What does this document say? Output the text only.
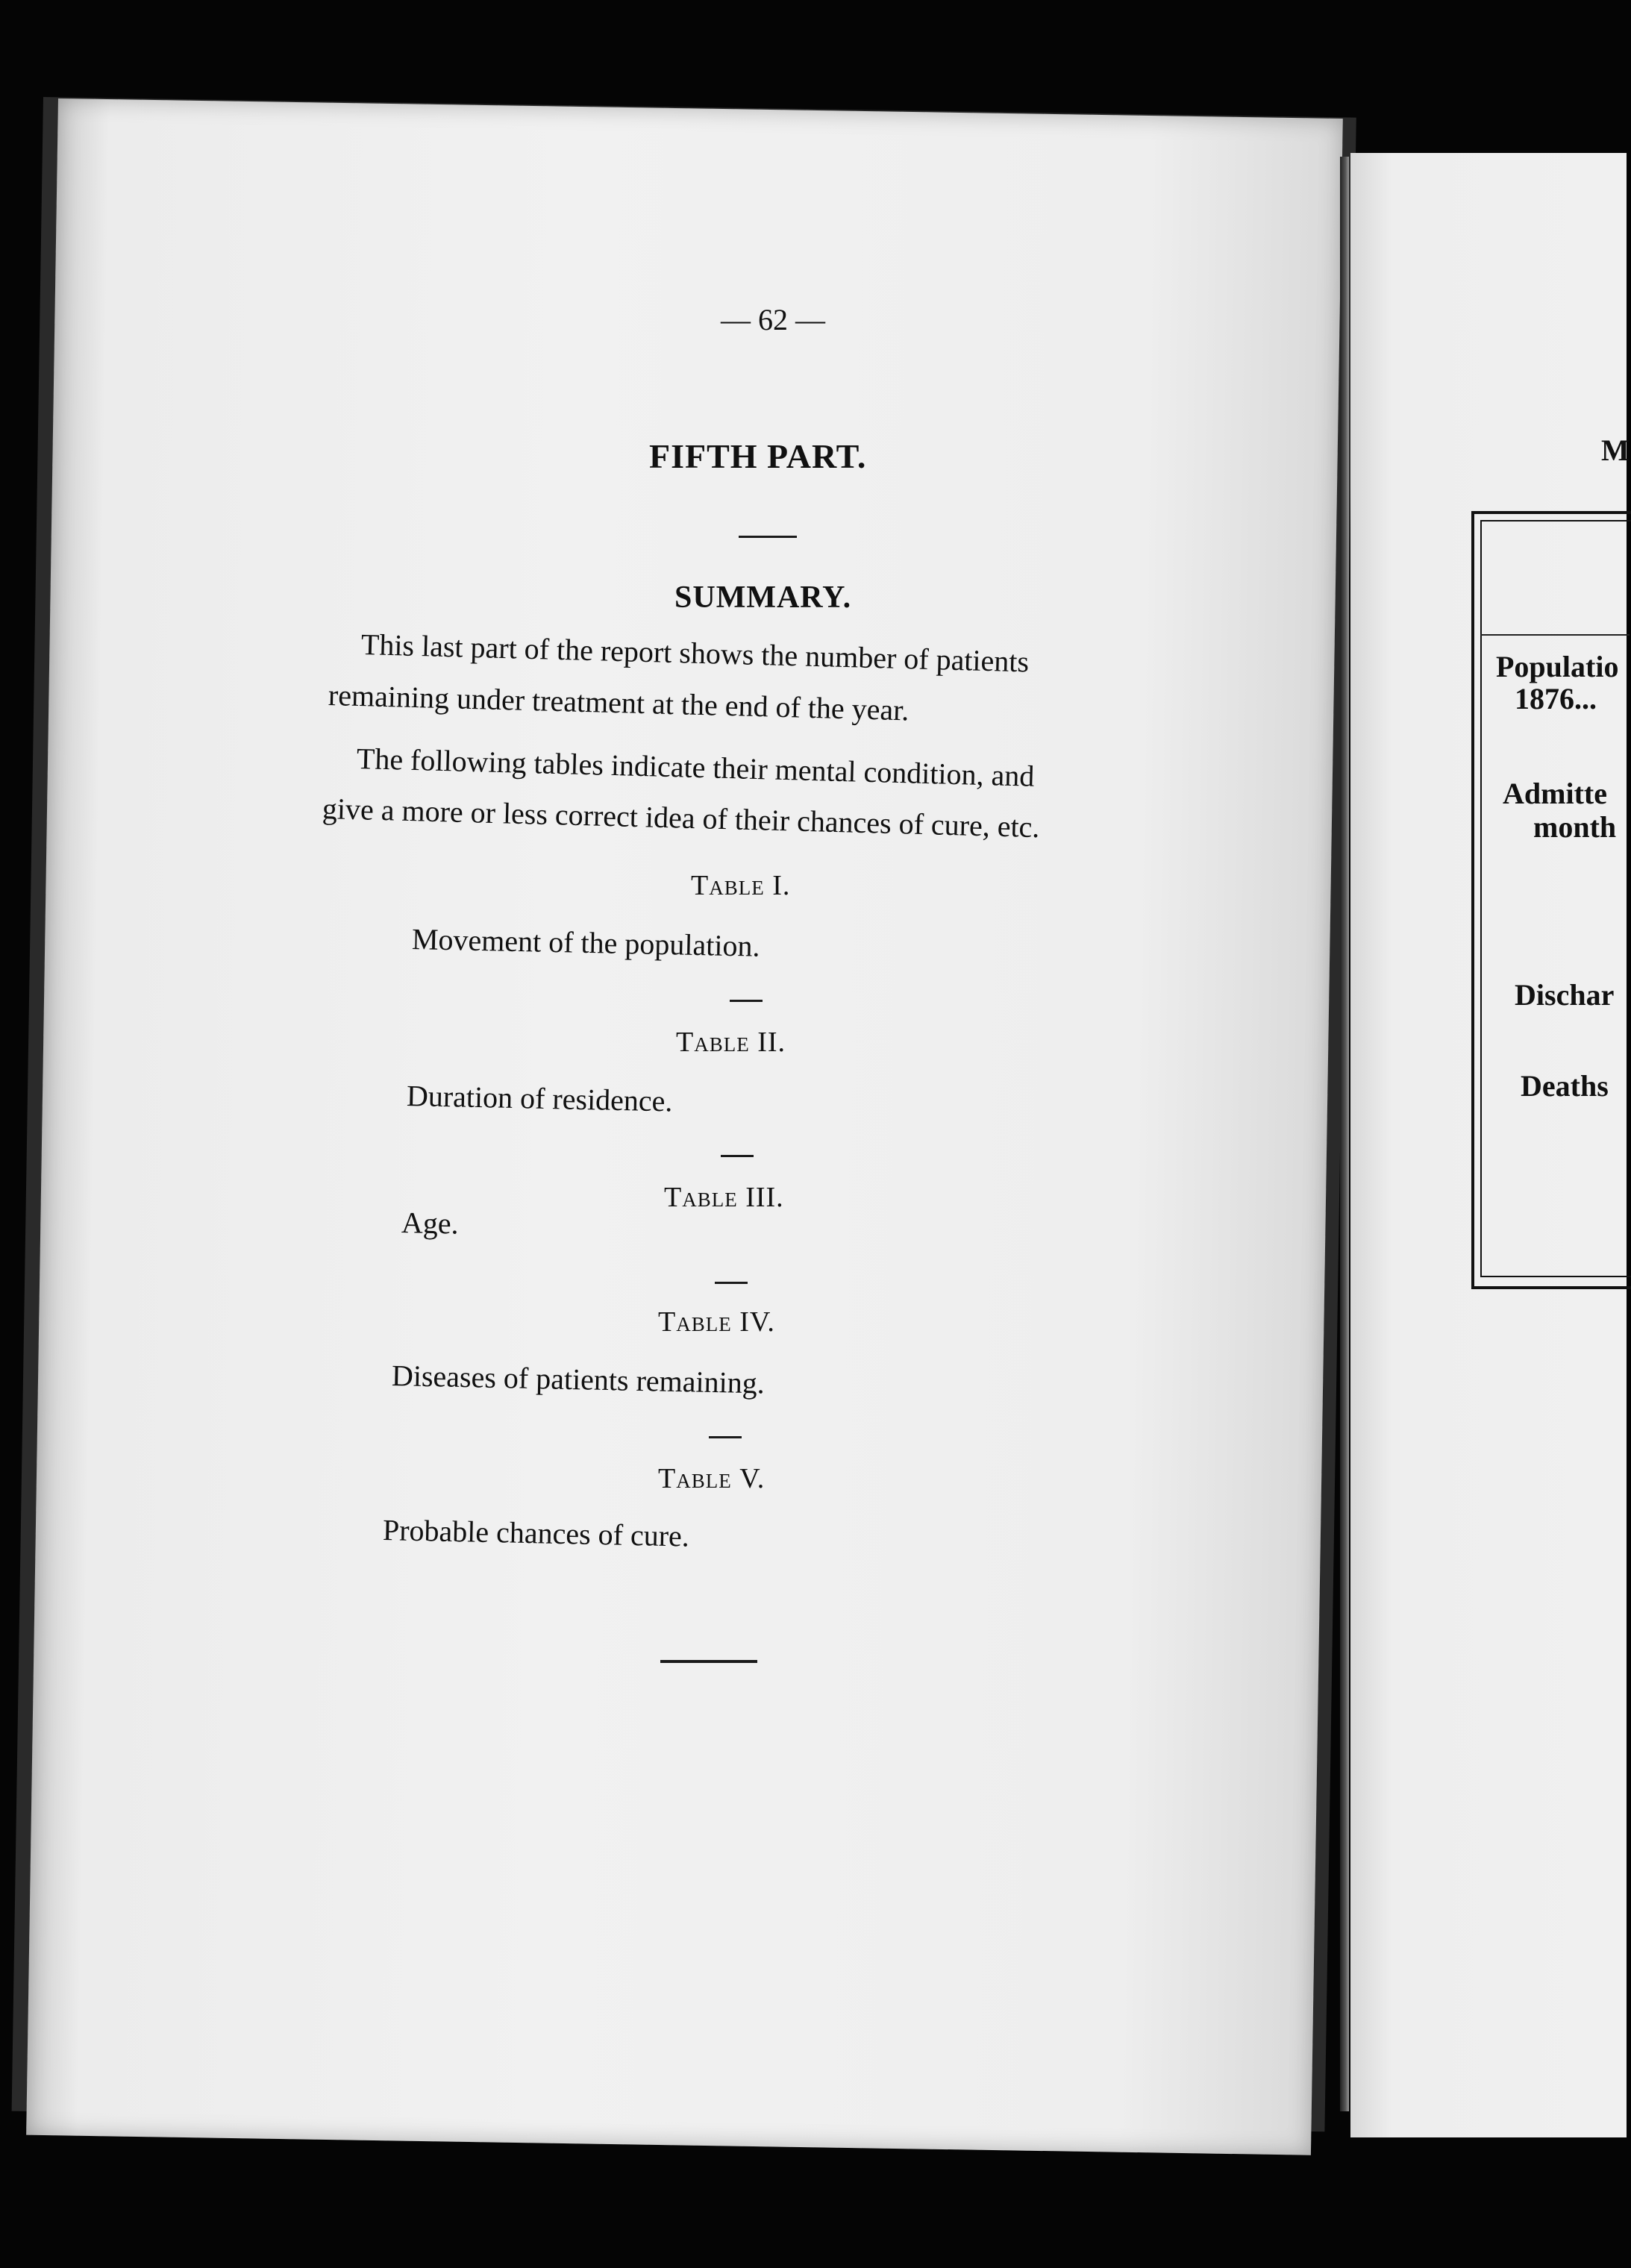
— 62 —
FIFTH PART.
SUMMARY.
This last part of the report shows the number of patients
remaining under treatment at the end of the year.
The following tables indicate their mental condition, and
give a more or less correct idea of their chances of cure, etc.
Table I.
Movement of the population.
Table II.
Duration of residence.
Table III.
Age.
Table IV.
Diseases of patients remaining.
Table V.
Probable chances of cure.
M
Populatio
1876...
Admitte
month
Dischar
Deaths
